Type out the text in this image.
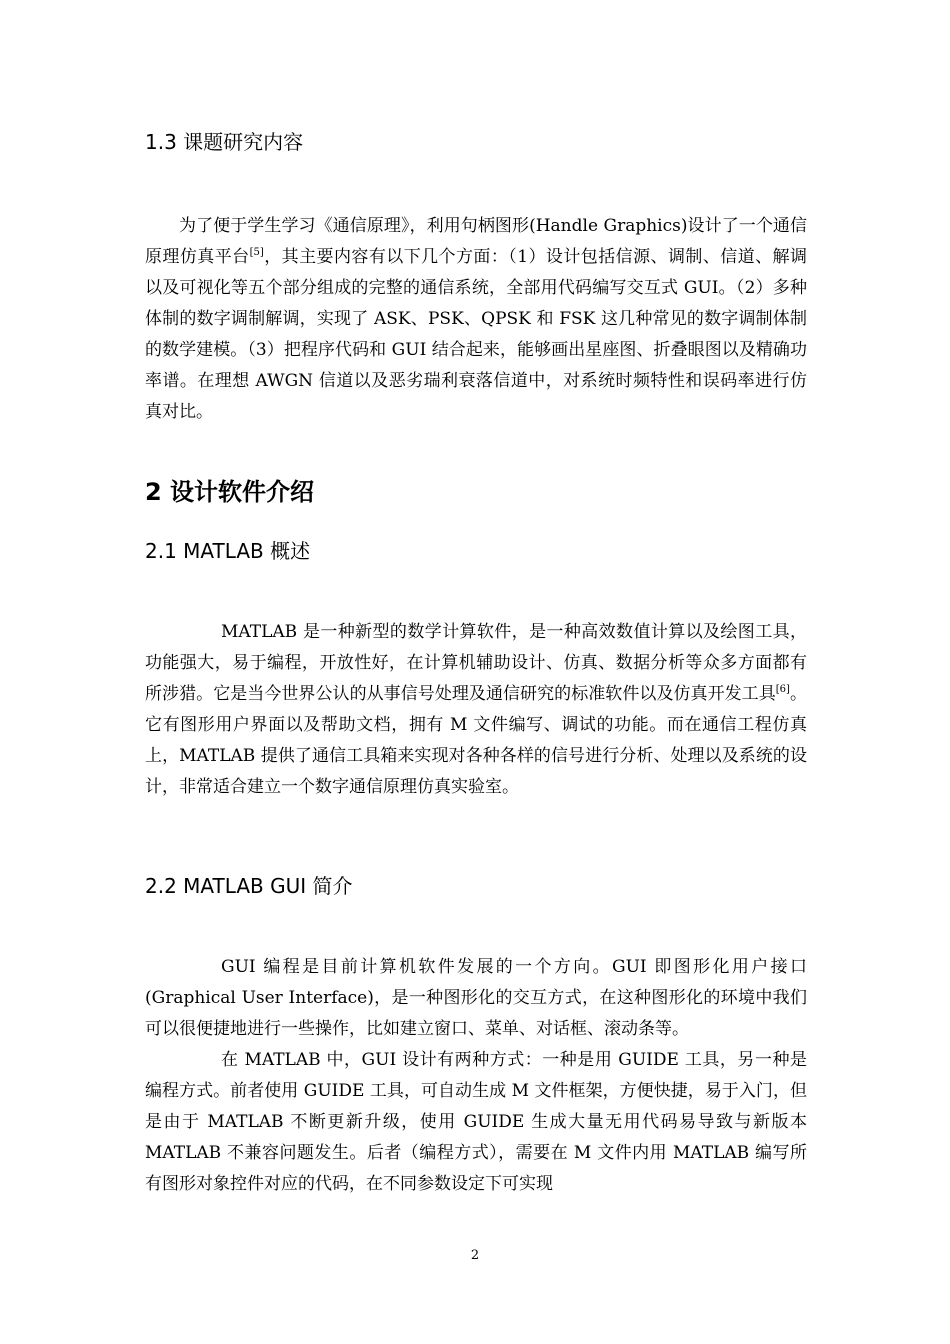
1.3 课题研究内容

为了便于学生学习《通信原理》，利用句柄图形(Handle Graphics)设计了一个通信原理仿真平台[5]，其主要内容有以下几个方面：（1）设计包括信源、调制、信道、解调以及可视化等五个部分组成的完整的通信系统，全部用代码编写交互式 GUI。（2）多种体制的数字调制解调，实现了 ASK、PSK、QPSK 和 FSK 这几种常见的数字调制体制的数学建模。（3）把程序代码和 GUI 结合起来，能够画出星座图、折叠眼图以及精确功率谱。在理想 AWGN 信道以及恶劣瑞利衰落信道中，对系统时频特性和误码率进行仿真对比。

2 设计软件介绍
2.1 MATLAB 概述

MATLAB 是一种新型的数学计算软件，是一种高效数值计算以及绘图工具，功能强大，易于编程，开放性好，在计算机辅助设计、仿真、数据分析等众多方面都有所涉猎。它是当今世界公认的从事信号处理及通信研究的标准软件以及仿真开发工具[6]。它有图形用户界面以及帮助文档，拥有 M 文件编写、调试的功能。而在通信工程仿真上，MATLAB 提供了通信工具箱来实现对各种各样的信号进行分析、处理以及系统的设计，非常适合建立一个数字通信原理仿真实验室。

2.2 MATLAB GUI 简介

GUI 编程是目前计算机软件发展的一个方向。GUI 即图形化用户接口(Graphical User Interface)，是一种图形化的交互方式，在这种图形化的环境中我们可以很便捷地进行一些操作，比如建立窗口、菜单、对话框、滚动条等。

在 MATLAB 中，GUI 设计有两种方式：一种是用 GUIDE 工具，另一种是编程方式。前者使用 GUIDE 工具，可自动生成 M 文件框架，方便快捷，易于入门，但是由于 MATLAB 不断更新升级，使用 GUIDE 生成大量无用代码易导致与新版本 MATLAB 不兼容问题发生。后者（编程方式），需要在 M 文件内用 MATLAB 编写所有图形对象控件对应的代码，在不同参数设定下可实现

2
